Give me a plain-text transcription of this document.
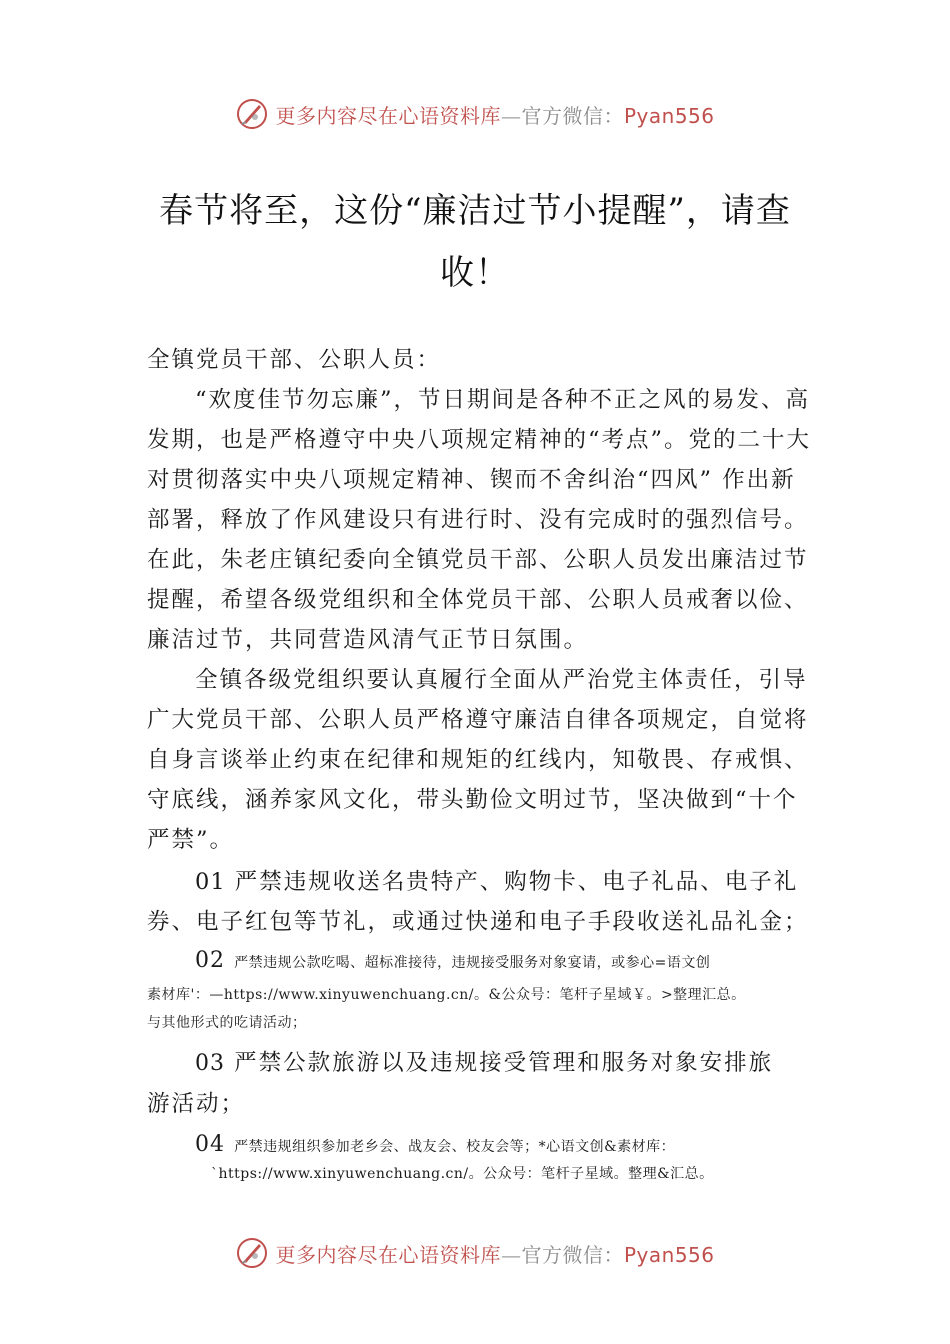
更多内容尽在心语资料库—官方微信：Pyan556
春节将至，这份“廉洁过节小提醒”，请查
收！

全镇党员干部、公职人员：

“欢度佳节勿忘廉”，节日期间是各种不正之风的易发、高发期，也是严格遵守中央八项规定精神的“考点”。党的二十大对贯彻落实中央八项规定精神、锲而不舍纠治“四风” 作出新部署，释放了作风建设只有进行时、没有完成时的强烈信号。在此，朱老庄镇纪委向全镇党员干部、公职人员发出廉洁过节提醒，希望各级党组织和全体党员干部、公职人员戒奢以俭、廉洁过节，共同营造风清气正节日氛围。

全镇各级党组织要认真履行全面从严治党主体责任，引导广大党员干部、公职人员严格遵守廉洁自律各项规定，自觉将自身言谈举止约束在纪律和规矩的红线内，知敬畏、存戒惧、守底线，涵养家风文化，带头勤俭文明过节，坚决做到“十个严禁”。

01 严禁违规收送名贵特产、购物卡、电子礼品、电子礼券、电子红包等节礼，或通过快递和电子手段收送礼品礼金；

02 严禁违规公款吃喝、超标准接待，违规接受服务对象宴请，或参心=语文创
素材库'：—https://www.xinyuwenchuang.cn/。&公众号：笔杆子星域￥。>整理汇总。
与其他形式的吃请活动；

03 严禁公款旅游以及违规接受管理和服务对象安排旅

游活动；

04 严禁违规组织参加老乡会、战友会、校友会等；*心语文创&素材库：
`https://www.xinyuwenchuang.cn/。公众号：笔杆子星域。整理&汇总。
更多内容尽在心语资料库—官方微信：Pyan556
